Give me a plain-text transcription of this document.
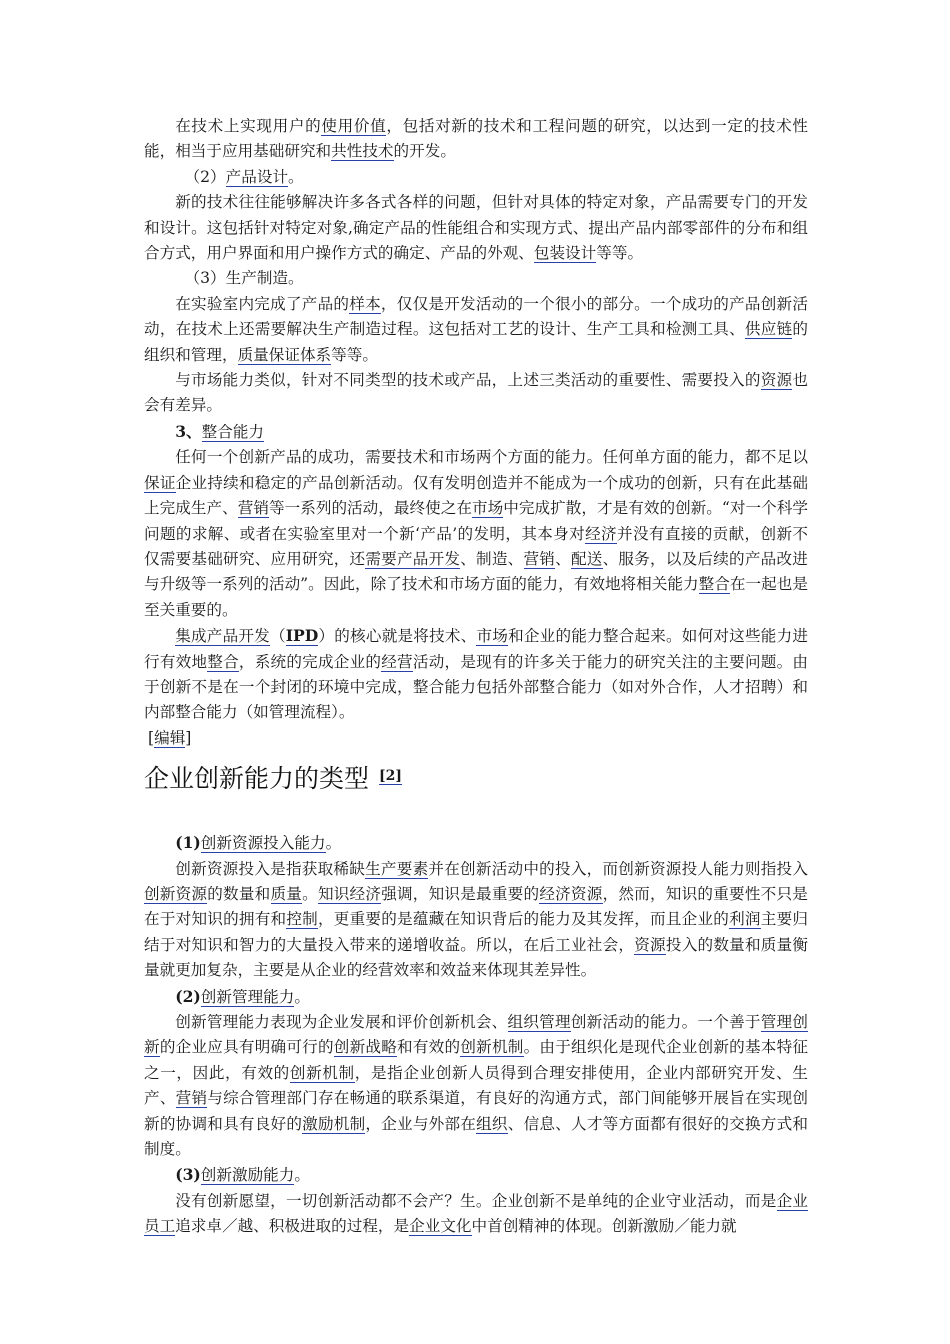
在技术上实现用户的使用价值，包括对新的技术和工程问题的研究，以达到一定的技术性能，相当于应用基础研究和共性技术的开发。

（2）产品设计。

新的技术往往能够解决许多各式各样的问题，但针对具体的特定对象，产品需要专门的开发和设计。这包括针对特定对象,确定产品的性能组合和实现方式、提出产品内部零部件的分布和组合方式，用户界面和用户操作方式的确定、产品的外观、包装设计等等。

（3）生产制造。

在实验室内完成了产品的样本，仅仅是开发活动的一个很小的部分。一个成功的产品创新活动，在技术上还需要解决生产制造过程。这包括对工艺的设计、生产工具和检测工具、供应链的组织和管理，质量保证体系等等。

与市场能力类似，针对不同类型的技术或产品，上述三类活动的重要性、需要投入的资源也会有差异。

3、整合能力

任何一个创新产品的成功，需要技术和市场两个方面的能力。任何单方面的能力，都不足以保证企业持续和稳定的产品创新活动。仅有发明创造并不能成为一个成功的创新，只有在此基础上完成生产、营销等一系列的活动，最终使之在市场中完成扩散，才是有效的创新。“对一个科学问题的求解、或者在实验室里对一个新‘产品’的发明，其本身对经济并没有直接的贡献，创新不仅需要基础研究、应用研究，还需要产品开发、制造、营销、配送、服务，以及后续的产品改进与升级等一系列的活动”。因此，除了技术和市场方面的能力，有效地将相关能力整合在一起也是至关重要的。

集成产品开发（IPD）的核心就是将技术、市场和企业的能力整合起来。如何对这些能力进行有效地整合，系统的完成企业的经营活动，是现有的许多关于能力的研究关注的主要问题。由于创新不是在一个封闭的环境中完成，整合能力包括外部整合能力（如对外合作，人才招聘）和内部整合能力（如管理流程）。

[编辑]

企业创新能力的类型 [2]

(1)创新资源投入能力。

创新资源投入是指获取稀缺生产要素并在创新活动中的投入，而创新资源投人能力则指投入创新资源的数量和质量。知识经济强调，知识是最重要的经济资源，然而，知识的重要性不只是在于对知识的拥有和控制，更重要的是蕴藏在知识背后的能力及其发挥，而且企业的利润主要归结于对知识和智力的大量投入带来的递增收益。所以，在后工业社会，资源投入的数量和质量衡量就更加复杂，主要是从企业的经营效率和效益来体现其差异性。

(2)创新管理能力。

创新管理能力表现为企业发展和评价创新机会、组织管理创新活动的能力。一个善于管理创新的企业应具有明确可行的创新战略和有效的创新机制。由于组织化是现代企业创新的基本特征之一，因此，有效的创新机制，是指企业创新人员得到合理安排使用，企业内部研究开发、生产、营销与综合管理部门存在畅通的联系渠道，有良好的沟通方式，部门间能够开展旨在实现创新的协调和具有良好的激励机制，企业与外部在组织、信息、人才等方面都有很好的交换方式和制度。

(3)创新激励能力。

没有创新愿望，一切创新活动都不会产？生。企业创新不是单纯的企业守业活动，而是企业员工追求卓／越、积极进取的过程，是企业文化中首创精神的体现。创新激励／能力就
